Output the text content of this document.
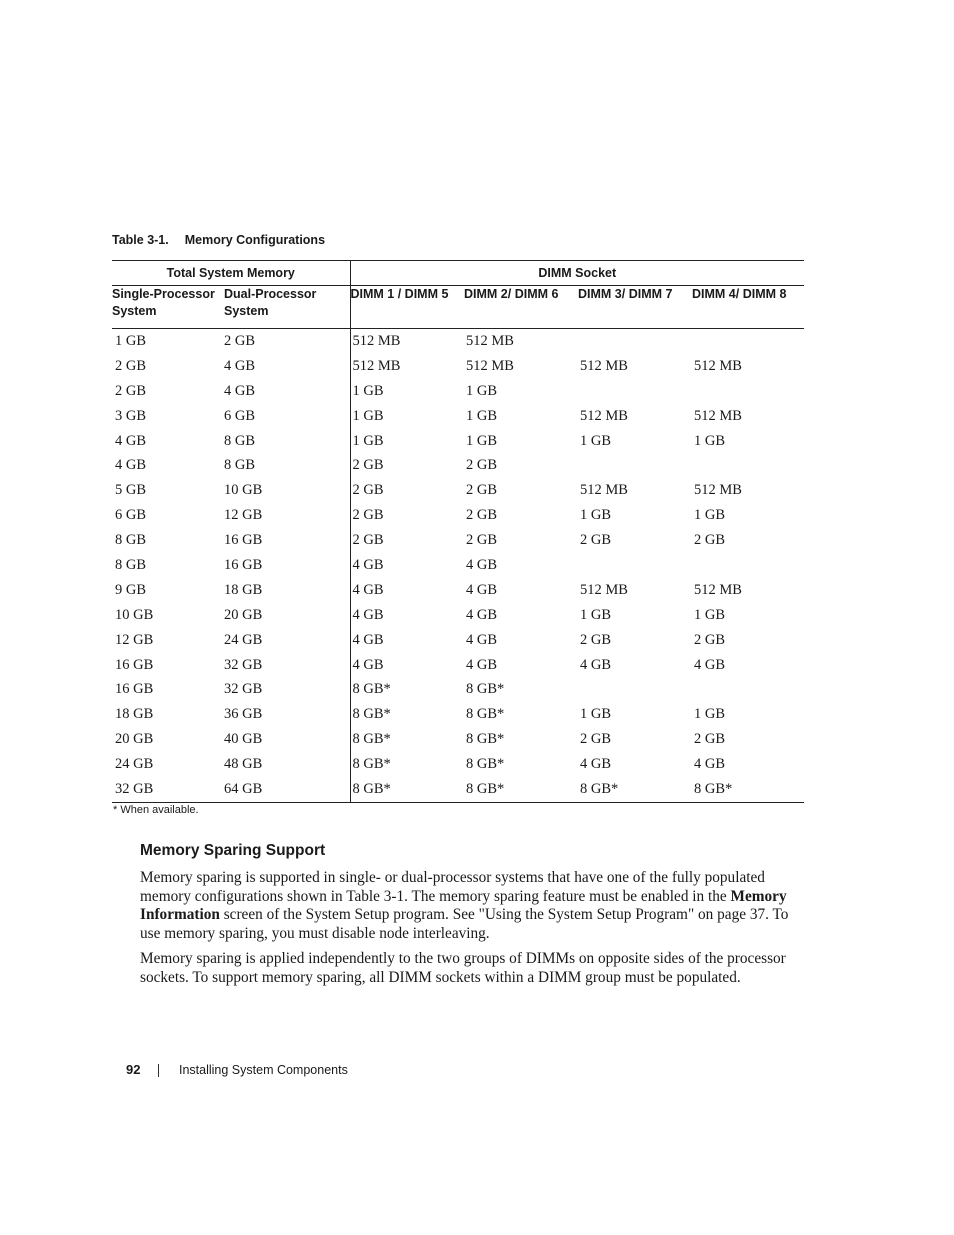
Table 3-1. Memory Configurations
Total System Memory		DIMM Socket			
Single-Processor System	Dual-Processor System	DIMM 1 / DIMM 5	DIMM 2/ DIMM 6	DIMM 3/ DIMM 7	DIMM 4/ DIMM 8
1 GB	2 GB	512 MB	512 MB		
2 GB	4 GB	512 MB	512 MB	512 MB	512 MB
2 GB	4 GB	1 GB	1 GB		
3 GB	6 GB	1 GB	1 GB	512 MB	512 MB
4 GB	8 GB	1 GB	1 GB	1 GB	1 GB
4 GB	8 GB	2 GB	2 GB		
5 GB	10 GB	2 GB	2 GB	512 MB	512 MB
6 GB	12 GB	2 GB	2 GB	1 GB	1 GB
8 GB	16 GB	2 GB	2 GB	2 GB	2 GB
8 GB	16 GB	4 GB	4 GB		
9 GB	18 GB	4 GB	4 GB	512 MB	512 MB
10 GB	20 GB	4 GB	4 GB	1 GB	1 GB
12 GB	24 GB	4 GB	4 GB	2 GB	2 GB
16 GB	32 GB	4 GB	4 GB	4 GB	4 GB
16 GB	32 GB	8 GB*	8 GB*		
18 GB	36 GB	8 GB*	8 GB*	1 GB	1 GB
20 GB	40 GB	8 GB*	8 GB*	2 GB	2 GB
24 GB	48 GB	8 GB*	8 GB*	4 GB	4 GB
32 GB	64 GB	8 GB*	8 GB*	8 GB*	8 GB*
* When available.
Memory Sparing Support

Memory sparing is supported in single- or dual-processor systems that have one of the fully populated memory configurations shown in Table 3-1. The memory sparing feature must be enabled in the Memory Information screen of the System Setup program. See "Using the System Setup Program" on page 37. To use memory sparing, you must disable node interleaving.

Memory sparing is applied independently to the two groups of DIMMs on opposite sides of the processor sockets. To support memory sparing, all DIMM sockets within a DIMM group must be populated.

92	Installing System Components
